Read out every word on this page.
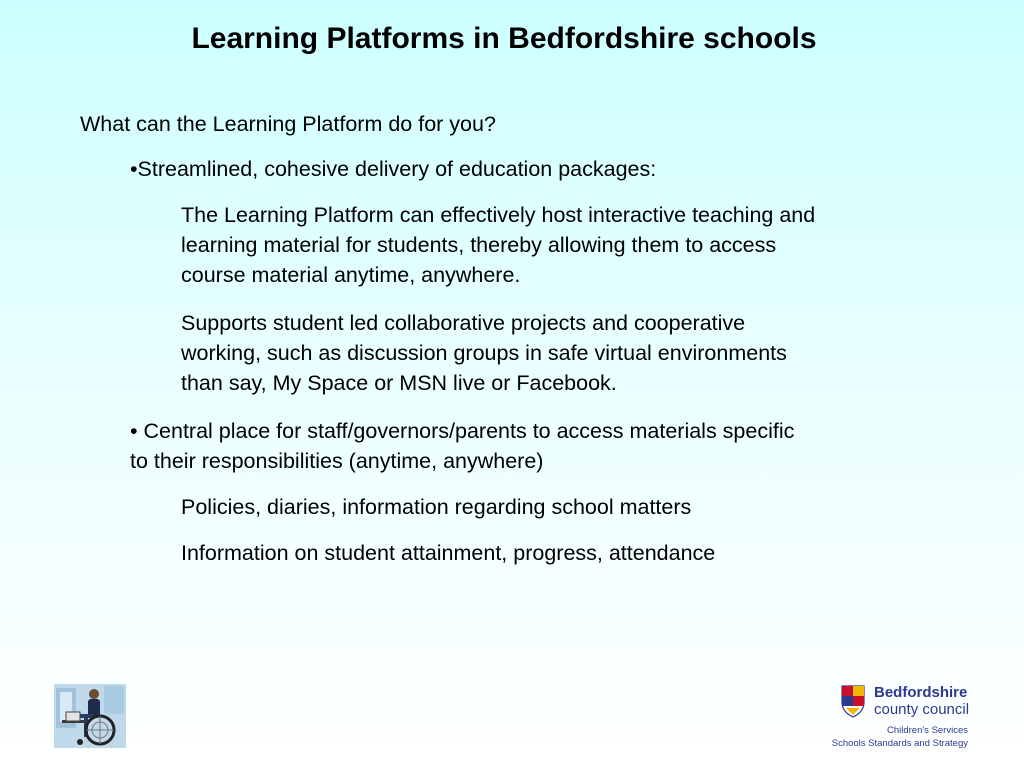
Learning Platforms in Bedfordshire schools
What can the Learning Platform do for you?
•Streamlined, cohesive delivery of education packages:
The Learning Platform can effectively host interactive teaching and
learning material for students, thereby allowing them to access
course material anytime, anywhere.
Supports student led collaborative projects and cooperative
working, such as discussion groups in safe virtual environments
than say, My Space or MSN live or Facebook.
• Central place for staff/governors/parents to access materials specific
to their responsibilities (anytime, anywhere)
Policies, diaries, information regarding school matters
Information on student attainment, progress, attendance
Bedfordshire
county council
Children's Services
Schools Standards and Strategy
